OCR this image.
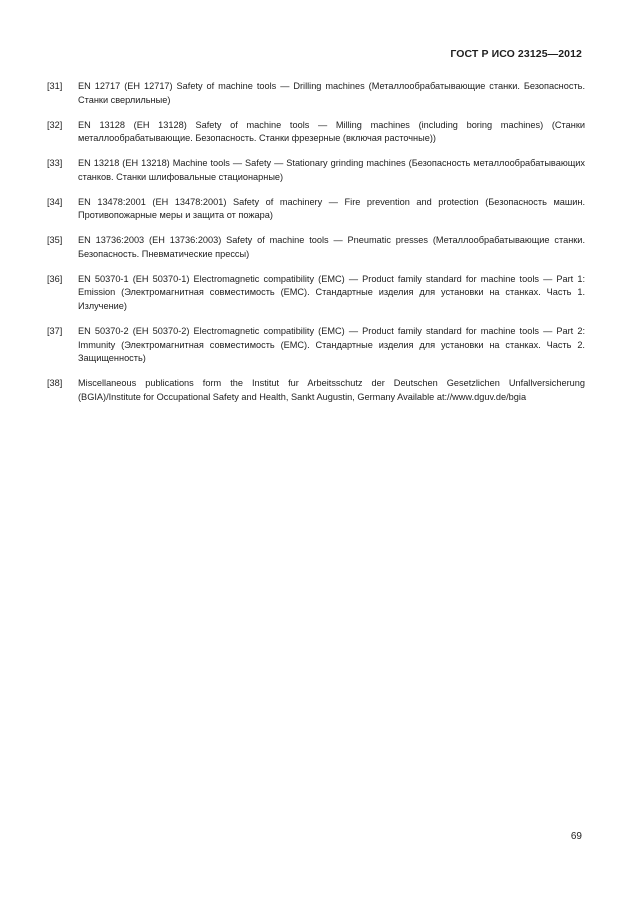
ГОСТ Р ИСО 23125—2012
[31]	EN 12717 (ЕН 12717) Safety of machine tools — Drilling machines (Металлообрабатывающие станки. Безопасность. Станки сверлильные)
[32]	EN 13128 (ЕН 13128) Safety of machine tools — Milling machines (including boring machines) (Станки металлообрабатывающие. Безопасность. Станки фрезерные (включая расточные))
[33]	EN 13218 (ЕН 13218) Machine tools — Safety — Stationary grinding machines (Безопасность металлообрабатывающих станков. Станки шлифовальные стационарные)
[34]	EN 13478:2001 (ЕН 13478:2001) Safety of machinery — Fire prevention and protection (Безопасность машин. Противопожарные меры и защита от пожара)
[35]	EN 13736:2003 (ЕН 13736:2003) Safety of machine tools — Pneumatic presses (Металлообрабатывающие станки. Безопасность. Пневматические прессы)
[36]	EN 50370-1 (ЕН 50370-1) Electromagnetic compatibility (EMC) — Product family standard for machine tools — Part 1: Emission (Электромагнитная совместимость (ЕМС). Стандартные изделия для установки на станках. Часть 1. Излучение)
[37]	EN 50370-2 (ЕН 50370-2) Electromagnetic compatibility (EMC) — Product family standard for machine tools — Part 2: Immunity (Электромагнитная совместимость (ЕМС). Стандартные изделия для установки на станках. Часть 2. Защищенность)
[38]	Miscellaneous publications form the Institut fur Arbeitsschutz der Deutschen Gesetzlichen Unfallversicherung (BGIA)/Institute for Occupational Safety and Health, Sankt Augustin, Germany Available at://www.dguv.de/bgia
69
